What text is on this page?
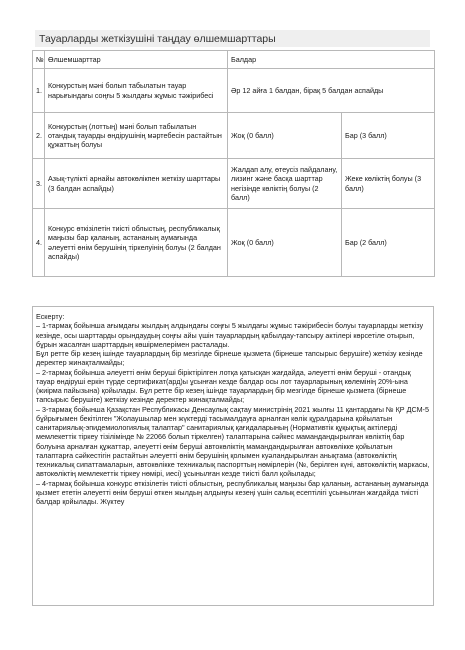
Тауарларды жеткізушіні таңдау өлшемшарттары
№	Өлшемшарттар	Балдар	
1.	Конкурстың мәні болып табылатын тауар нарығындағы соңғы 5 жылдағы жұмыс тәжірибесі	Әр 12 айға 1 балдан, бірақ 5 балдан аспайды	
2.	Конкурстың (лоттың) мәні болып табылатын отандық тауарды өндірушінің мәртебесін растайтын құжаттың болуы	Жоқ (0 балл)	Бар (3 балл)
3.	Азық-түлікті арнайы автокөлікпен жеткізу шарттары (3 балдан аспайды)	Жалдап алу, өтеусіз пайдалану, лизинг және басқа шарттар негізінде көліктің болуы (2 балл)	Жеке көліктің болуы (3 балл)
4.	Конкурс өткізілетін тиісті облыстың, республикалық маңызы бар қаланың, астананың аумағында әлеуетті өнім берушінің тіркелуінің болуы (2 балдан аспайды)	Жоқ (0 балл)	Бар (2 балл)

Ескерту:

– 1-тармақ бойынша ағымдағы жылдың алдындағы соңғы 5 жылдағы жұмыс тәжірибесін болуы тауарларды жеткізу кезінде, осы шарттарды орындаудың соңғы айы үшін тауарлардың қабылдау-тапсыру актілері көрсетіле отырып, бұрын жасалған шарттардың көшірмелерімен расталады.

Бұл ретте бір кезең ішінде тауарлардың бір мезгілде бірнеше қызмета (бірнеше тапсырыс берушіге) жеткізу кезінде деректер жинақталмайды;

– 2-тармақ бойынша әлеуетті өнім беруші біріктірілген лотқа қатысқан жағдайда, әлеуетті өнім беруші - отандық тауар өндіруші еркін түрде сертификат(ард)ы ұсынған кезде балдар осы лот тауарларының көлемінің 20%-ына (жиірма пайызына) қойылады. Бұл ретте бір кезең ішінде тауарлардың бір мезгілде бірнеше қызмета (бірнеше тапсырыс берушіге) жеткізу кезінде деректер жинақталмайды;

– 3-тармақ бойынша Қазақстан Республикасы Денсаулық сақтау министрінің 2021 жылғы 11 қантардағы № ҚР ДСМ-5 бұйрығымен бекітілген "Жолаушылар мен жүктерді тасымалдауға арналған көлік құралдарына қойылатын санитариялық-эпидемиологиялық талаптар" санитариялық қағидаларының (Нормативтік құқықтық актілерді мемлекеттік тіркеу тізілімінде № 22066 болып тіркелген) талаптарына сәйкес мамандандырылған көліктің бар болуына арналған құжаттар, әлеуетті өнім беруші автокөліктің мамандандырылған автокөлікке қойылатын талаптарға сәйкестігін растайтын әлеуетті өнім берушінің қолымен куәландырылған анықтама (автокөліктің техникалық сипаттамаларын, автокөлікке техникалық паспорттың нөмірлерін (№, берілген күні, автокөліктің маркасы, автокөліктің мемлекеттік тіркеу нөмірі, иесі) ұсынылған кезде тиісті балл қойылады;

– 4-тармақ бойынша конкурс өткізілетін тиісті облыстың, республикалық маңызы бар қаланың, астананың аумағында қызмет ететін әлеуетті өнім беруші өткен жылдың алдыңғы кезеңі үшін салық есептілігі ұсынылған жағдайда тиісті балдар қойылады. Жүктеу
